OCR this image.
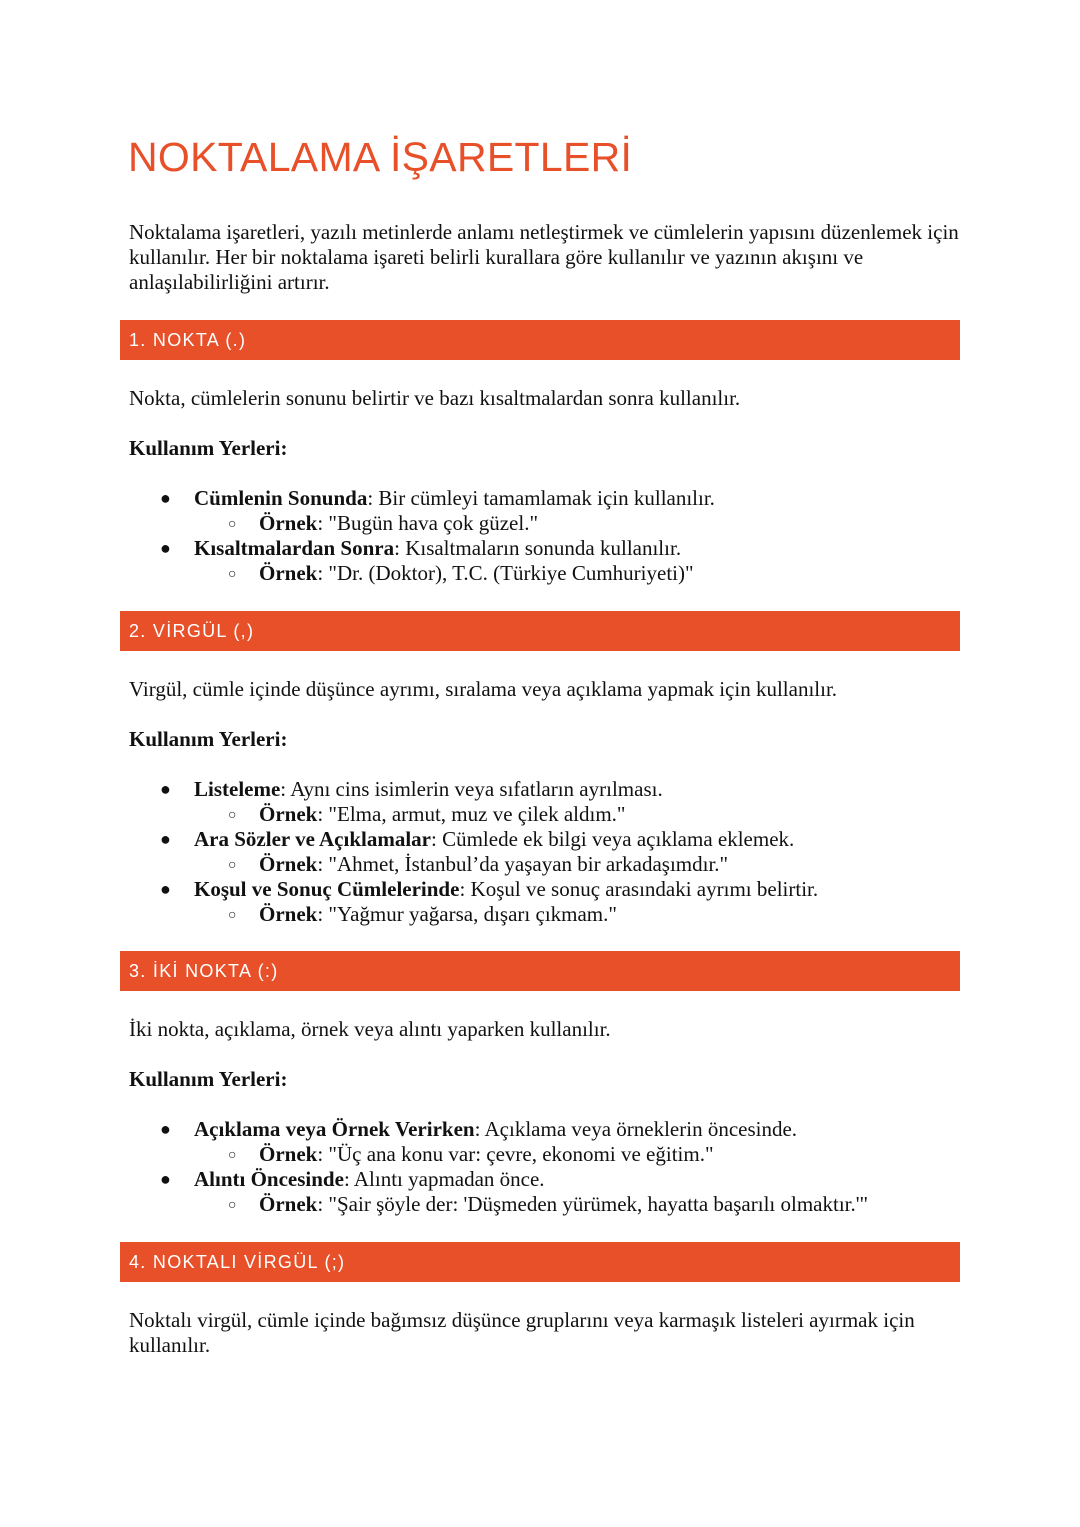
NOKTALAMA İŞARETLERİ

Noktalama işaretleri, yazılı metinlerde anlamı netleştirmek ve cümlelerin yapısını düzenlemek için kullanılır. Her bir noktalama işareti belirli kurallara göre kullanılır ve yazının akışını ve anlaşılabilirliğini artırır.

1. NOKTA (.)

Nokta, cümlelerin sonunu belirtir ve bazı kısaltmalardan sonra kullanılır.

Kullanım Yerleri:

● Cümlenin Sonunda: Bir cümleyi tamamlamak için kullanılır.
○ Örnek: "Bugün hava çok güzel."
● Kısaltmalardan Sonra: Kısaltmaların sonunda kullanılır.
○ Örnek: "Dr. (Doktor), T.C. (Türkiye Cumhuriyeti)"
2. VİRGÜL (,)

Virgül, cümle içinde düşünce ayrımı, sıralama veya açıklama yapmak için kullanılır.

Kullanım Yerleri:

● Listeleme: Aynı cins isimlerin veya sıfatların ayrılması.
○ Örnek: "Elma, armut, muz ve çilek aldım."
● Ara Sözler ve Açıklamalar: Cümlede ek bilgi veya açıklama eklemek.
○ Örnek: "Ahmet, İstanbul’da yaşayan bir arkadaşımdır."
● Koşul ve Sonuç Cümlelerinde: Koşul ve sonuç arasındaki ayrımı belirtir.
○ Örnek: "Yağmur yağarsa, dışarı çıkmam."
3. İKİ NOKTA (:)

İki nokta, açıklama, örnek veya alıntı yaparken kullanılır.

Kullanım Yerleri:

● Açıklama veya Örnek Verirken: Açıklama veya örneklerin öncesinde.
○ Örnek: "Üç ana konu var: çevre, ekonomi ve eğitim."
● Alıntı Öncesinde: Alıntı yapmadan önce.
○ Örnek: "Şair şöyle der: 'Düşmeden yürümek, hayatta başarılı olmaktır.'"
4. NOKTALI VİRGÜL (;)

Noktalı virgül, cümle içinde bağımsız düşünce gruplarını veya karmaşık listeleri ayırmak için kullanılır.
